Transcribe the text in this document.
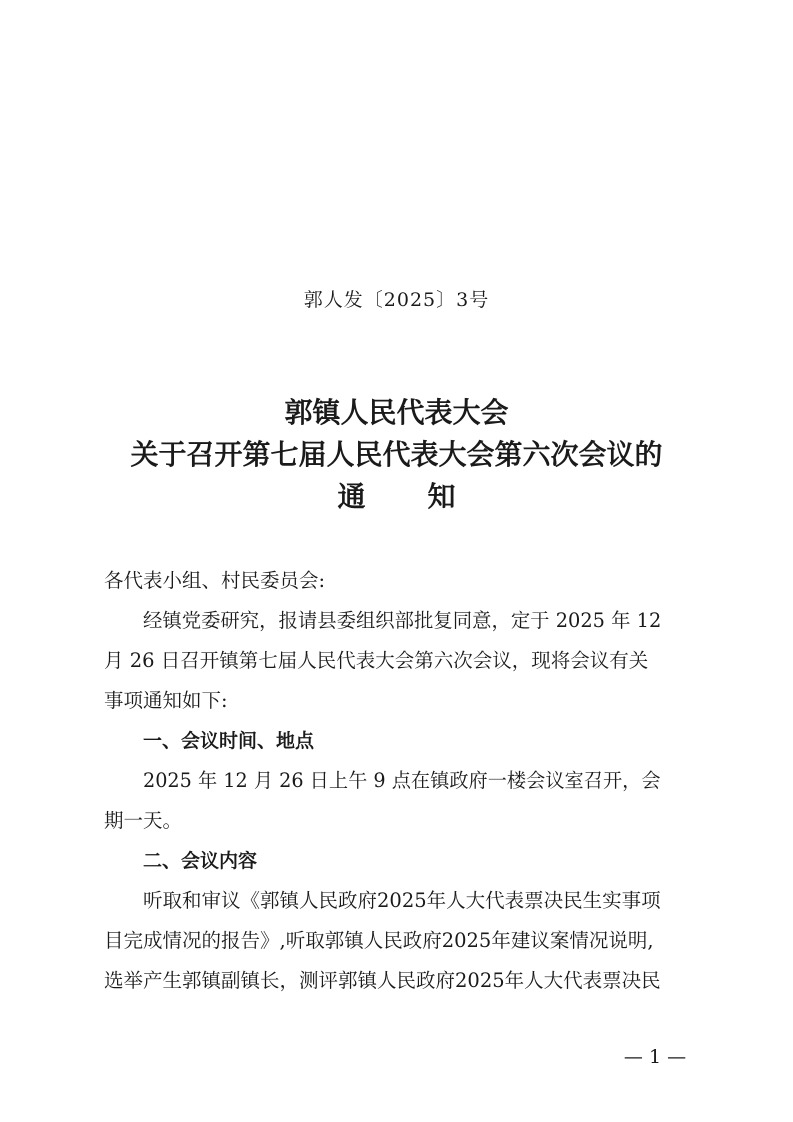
郭人发〔2025〕3号
郭镇人民代表大会
关于召开第七届人民代表大会第六次会议的
通 知

各代表小组、村民委员会:

经镇党委研究，报请县委组织部批复同意，定于 2025 年 12

月 26 日召开镇第七届人民代表大会第六次会议，现将会议有关
事项通知如下:

一、会议时间、地点

2025 年 12 月 26 日上午 9 点在镇政府一楼会议室召开，会

期一天。

二、会议内容

听取和审议《郭镇人民政府2025年人大代表票决民生实事项

目完成情况的报告》,听取郭镇人民政府2025年建议案情况说明,
选举产生郭镇副镇长，测评郭镇人民政府2025年人大代表票决民

— 1 —
